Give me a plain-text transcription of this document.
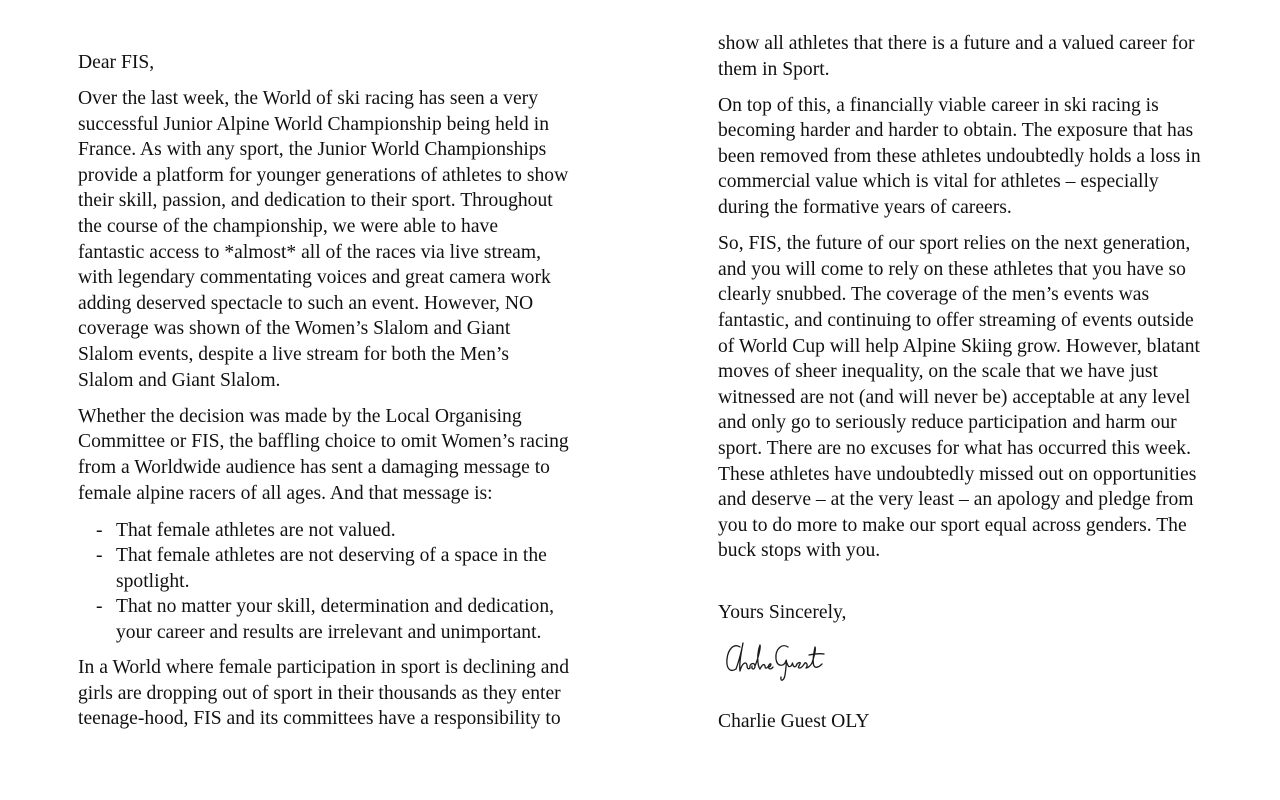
Dear FIS,

Over the last week, the World of ski racing has seen a very
successful Junior Alpine World Championship being held in
France. As with any sport, the Junior World Championships
provide a platform for younger generations of athletes to show
their skill, passion, and dedication to their sport. Throughout
the course of the championship, we were able to have
fantastic access to *almost* all of the races via live stream,
with legendary commentating voices and great camera work
adding deserved spectacle to such an event. However, NO
coverage was shown of the Women’s Slalom and Giant
Slalom events, despite a live stream for both the Men’s
Slalom and Giant Slalom.

Whether the decision was made by the Local Organising
Committee or FIS, the baffling choice to omit Women’s racing
from a Worldwide audience has sent a damaging message to
female alpine racers of all ages. And that message is:

- That female athletes are not valued.
- That female athletes are not deserving of a space in the
spotlight.
- That no matter your skill, determination and dedication,
your career and results are irrelevant and unimportant.

In a World where female participation in sport is declining and
girls are dropping out of sport in their thousands as they enter
teenage-hood, FIS and its committees have a responsibility to

show all athletes that there is a future and a valued career for
them in Sport.

On top of this, a financially viable career in ski racing is
becoming harder and harder to obtain. The exposure that has
been removed from these athletes undoubtedly holds a loss in
commercial value which is vital for athletes – especially
during the formative years of careers.

So, FIS, the future of our sport relies on the next generation,
and you will come to rely on these athletes that you have so
clearly snubbed. The coverage of the men’s events was
fantastic, and continuing to offer streaming of events outside
of World Cup will help Alpine Skiing grow. However, blatant
moves of sheer inequality, on the scale that we have just
witnessed are not (and will never be) acceptable at any level
and only go to seriously reduce participation and harm our
sport. There are no excuses for what has occurred this week.
These athletes have undoubtedly missed out on opportunities
and deserve – at the very least – an apology and pledge from
you to do more to make our sport equal across genders. The
buck stops with you.

Yours Sincerely,

Charlie Guest OLY
